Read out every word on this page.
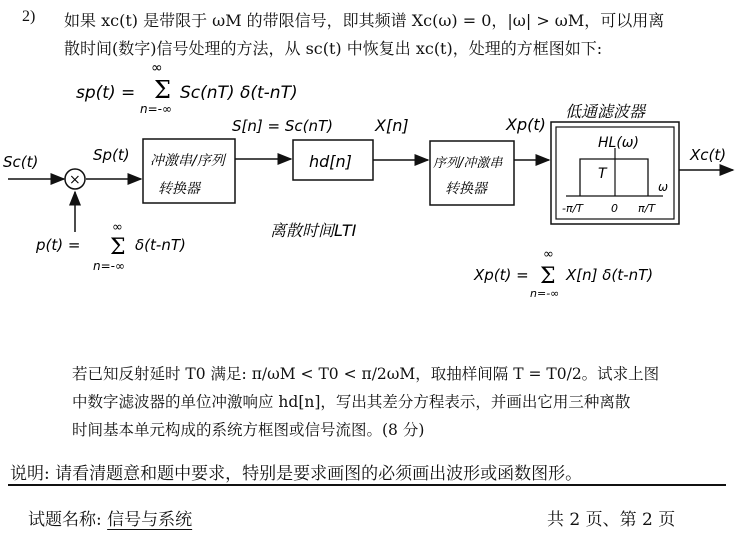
2) 如果 xc(t) 是带限于 ωM 的带限信号，即其频谱 Xc(ω) = 0，|ω| > ωM，可以用离
散时间(数字)信号处理的方法，从 sc(t) 中恢复出 xc(t)，处理的方框图如下:
sp(t) =
∞
Σ
n=-∞
Sc(nT) δ(t-nT)
Sc(t)
×
p(t) =
∞
Σ
n=-∞
δ(t-nT)
Sp(t) 冲激串/序列
转换器
S[n] = Sc(nT)
hd[n]
离散时间LTI
X[n]
序列/冲激串
转换器
Xp(t)
低通滤波器
HL(ω)
T
ω
-π/T	0 π/T
Xc(t)
Xp(t) =
∞
Σ
n=-∞
X[n] δ(t-nT)
若已知反射延时 T0 满足: π/ωM < T0 < π/2ωM，取抽样间隔 T = T0/2。试求上图
中数字滤波器的单位冲激响应 hd[n]，写出其差分方程表示，并画出它用三种离散
时间基本单元构成的系统方框图或信号流图。(8 分)
说明: 请看清题意和题中要求，特别是要求画图的必须画出波形或函数图形。
试题名称: 信号与系统	共 2 页、第 2 页
